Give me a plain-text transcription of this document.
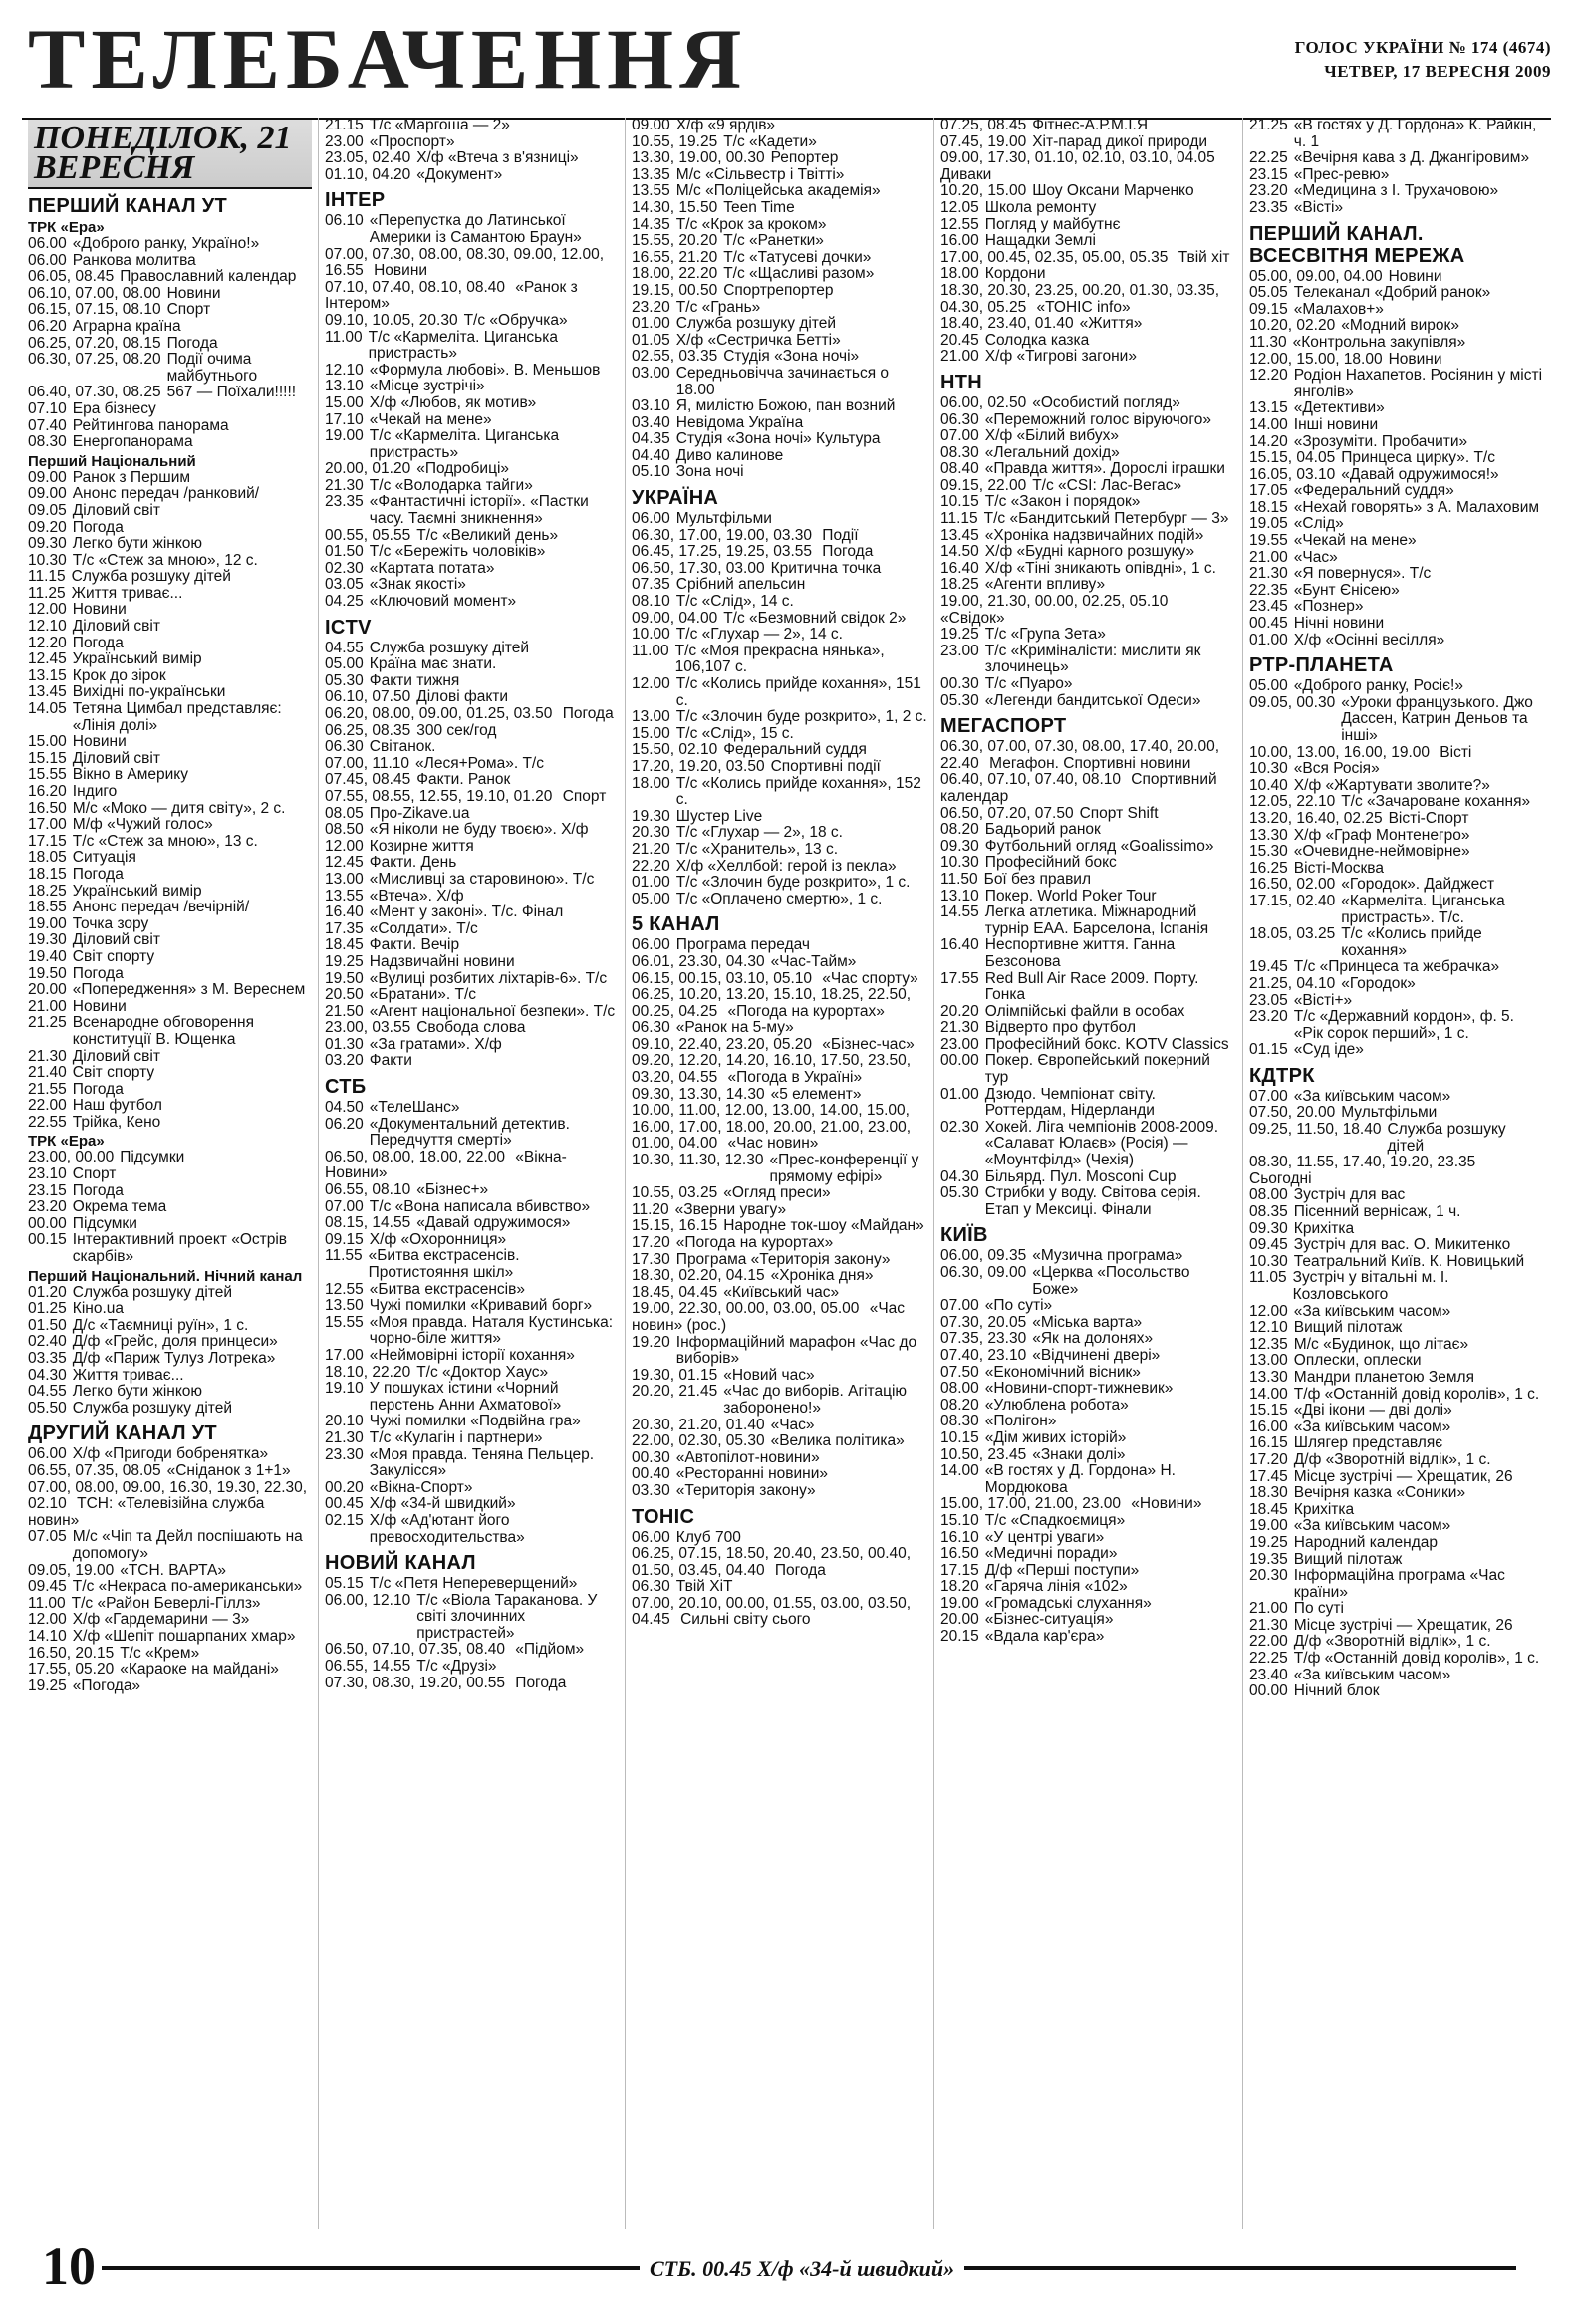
ТЕЛЕБАЧЕННЯ	ГОЛОС УКРАЇНИ № 174 (4674)
ЧЕТВЕР, 17 ВЕРЕСНЯ 2009
ПОНЕДІЛОК, 21 ВЕРЕСНЯ
ПЕРШИЙ КАНАЛ УТ
ТРК «Ера»
06.00 «Доброго ранку, Україно!»
06.00 Ранкова молитва
06.05, 08.45 Православний календар
06.10, 07.00, 08.00 Новини
06.15, 07.15, 08.10 Спорт
06.20 Аграрна країна
06.25, 07.20, 08.15 Погода
06.30, 07.25, 08.20 Події очима майбутнього
06.40, 07.30, 08.25 567 — Поїхали!!!!!
07.10 Ера бізнесу
07.40 Рейтингова панорама
08.30 Енергопанорама
Перший Національний
09.00 Ранок з Першим
09.00 Анонс передач /ранковий/
09.05 Діловий світ
09.20 Погода
09.30 Легко бути жінкою
10.30 Т/с «Стеж за мною», 12 с.
11.15 Служба розшуку дітей
11.25 Життя триває...
12.00 Новини
12.10 Діловий світ
12.20 Погода
12.45 Український вимір
13.15 Крок до зірок
13.45 Вихідні по-українськи
14.05 Тетяна Цимбал представляє: «Лінія долі»
15.00 Новини
15.15 Діловий світ
15.55 Вікно в Америку
16.20 Індиго
16.50 М/с «Моко — дитя світу», 2 с.
17.00 М/ф «Чужий голос»
17.15 Т/с «Стеж за мною», 13 с.
18.05 Ситуація
18.15 Погода
18.25 Український вимір
18.55 Анонс передач /вечірній/
19.00 Точка зору
19.30 Діловий світ
19.40 Світ спорту
19.50 Погода
20.00 «Попередження» з М. Вереснем
21.00 Новини
21.25 Всенародне обговорення конституції В. Ющенка
21.30 Діловий світ
21.40 Світ спорту
21.55 Погода
22.00 Наш футбол
22.55 Трійка, Кено
ТРК «Ера»
23.00, 00.00 Підсумки
23.10 Спорт
23.15 Погода
23.20 Окрема тема
00.00 Підсумки
00.15 Інтерактивний проект «Острів скарбів»
Перший Національний. Нічний канал
01.20 Служба розшуку дітей
01.25 Кіно.ua
01.50 Д/с «Таємниці руїн», 1 с.
02.40 Д/ф «Грейс, доля принцеси»
03.35 Д/ф «Париж Тулуз Лотрека»
04.30 Життя триває...
04.55 Легко бути жінкою
05.50 Служба розшуку дітей
ДРУГИЙ КАНАЛ УТ
06.00 Х/ф «Пригоди бобренятка»
06.55, 07.35, 08.05 «Сніданок з 1+1»
07.00, 08.00, 09.00, 16.30, 19.30, 22.30, 02.10 ТСН: «Телевізійна служба новин»
07.05 М/с «Чіп та Дейл поспішають на допомогу»
09.05, 19.00 «ТСН. ВАРТА»
09.45 Т/с «Некраса по-американськи»
11.00 Т/с «Район Беверлі-Гіллз»
12.00 Х/ф «Гардемарини — 3»
14.10 Х/ф «Шепіт пошарпаних хмар»
16.50, 20.15 Т/с «Крем»
17.55, 05.20 «Караоке на майдані»
19.25 «Погода»
21.15 Т/с «Маргоша — 2»
23.00 «Проспорт»
23.05, 02.40 Х/ф «Втеча з в'язниці»
01.10, 04.20 «Документ»
ІНТЕР
06.10 «Перепустка до Латинської Америки із Самантою Браун»
07.00, 07.30, 08.00, 08.30, 09.00, 12.00, 16.55 Новини
07.10, 07.40, 08.10, 08.40 «Ранок з Інтером»
09.10, 10.05, 20.30 Т/с «Обручка»
11.00 Т/с «Кармеліта. Циганська пристрасть»
12.10 «Формула любові». В. Меньшов
13.10 «Місце зустрічі»
15.00 Х/ф «Любов, як мотив»
17.10 «Чекай на мене»
19.00 Т/с «Кармеліта. Циганська пристрасть»
20.00, 01.20 «Подробиці»
21.30 Т/с «Володарка тайги»
23.35 «Фантастичні історії». «Пастки часу. Таємні зникнення»
00.55, 05.55 Т/с «Великий день»
01.50 Т/с «Бережіть чоловіків»
02.30 «Картата потата»
03.05 «Знак якості»
04.25 «Ключовий момент»
ICTV
04.55 Служба розшуку дітей
05.00 Країна має знати.
05.30 Факти тижня
06.10, 07.50 Ділові факти
06.20, 08.00, 09.00, 01.25, 03.50 Погода
06.25, 08.35 300 сек/год
06.30 Світанок.
07.00, 11.10 «Леся+Рома». Т/с
07.45, 08.45 Факти. Ранок
07.55, 08.55, 12.55, 19.10, 01.20 Спорт
08.05 Про-Zikave.ua
08.50 «Я ніколи не буду твоєю». Х/ф
12.00 Козирне життя
12.45 Факти. День
13.00 «Мисливці за старовиною». Т/с
13.55 «Втеча». Х/ф
16.40 «Мент у законі». Т/с. Фінал
17.35 «Солдати». Т/с
18.45 Факти. Вечір
19.25 Надзвичайні новини
19.50 «Вулиці розбитих ліхтарів-6». Т/с
20.50 «Братани». Т/с
21.50 «Агент національної безпеки». Т/с
23.00, 03.55 Свобода слова
01.30 «За гратами». Х/ф
03.20 Факти
СТБ
04.50 «ТелеШанс»
06.20 «Документальний детектив. Передчуття смерті»
06.50, 08.00, 18.00, 22.00 «Вікна-Новини»
06.55, 08.10 «Бізнес+»
07.00 Т/с «Вона написала вбивство»
08.15, 14.55 «Давай одружимося»
09.15 Х/ф «Охоронниця»
11.55 «Битва екстрасенсів. Протистояння шкіл»
12.55 «Битва екстрасенсів»
13.50 Чужі помилки «Кривавий борг»
15.55 «Моя правда. Наталя Кустинська: чорно-біле життя»
17.00 «Неймовірні історії кохання»
18.10, 22.20 Т/с «Доктор Хаус»
19.10 У пошуках істини «Чорний перстень Анни Ахматової»
20.10 Чужі помилки «Подвійна гра»
21.30 Т/с «Кулагін і партнери»
23.30 «Моя правда. Теняна Пельцер. Закулісся»
00.20 «Вікна-Спорт»
00.45 Х/ф «34-й швидкий»
02.15 Х/ф «Ад'ютант його превосходительства»
НОВИЙ КАНАЛ
05.15 Т/с «Петя Непереверщений»
06.00, 12.10 Т/с «Віола Тараканова. У світі злочинних пристрастей»
06.50, 07.10, 07.35, 08.40 «Підйом»
06.55, 14.55 Т/с «Друзі»
07.30, 08.30, 19.20, 00.55 Погода
09.00 Х/ф «9 ярдів»
10.55, 19.25 Т/с «Кадети»
13.30, 19.00, 00.30 Репортер
13.35 М/с «Сільвестр і Твітті»
13.55 М/с «Поліцейська академія»
14.30, 15.50 Teen Time
14.35 Т/с «Крок за кроком»
15.55, 20.20 Т/с «Ранетки»
16.55, 21.20 Т/с «Татусеві дочки»
18.00, 22.20 Т/с «Щасливі разом»
19.15, 00.50 Спортрепортер
23.20 Т/с «Грань»
01.00 Служба розшуку дітей
01.05 Х/ф «Сестричка Бетті»
02.55, 03.35 Студія «Зона ночі»
03.00 Середньовічча зачинається о 18.00
03.10 Я, милістю Божою, пан возний
03.40 Невідома Україна
04.35 Студія «Зона ночі» Культура
04.40 Диво калинове
05.10 Зона ночі
УКРАЇНА
06.00 Мультфільми
06.30, 17.00, 19.00, 03.30 Події
06.45, 17.25, 19.25, 03.55 Погода
06.50, 17.30, 03.00 Критична точка
07.35 Срібний апельсин
08.10 Т/с «Слід», 14 с.
09.00, 04.00 Т/с «Безмовний свідок 2»
10.00 Т/с «Глухар — 2», 14 с.
11.00 Т/с «Моя прекрасна нянька», 106,107 с.
12.00 Т/с «Колись прийде кохання», 151 с.
13.00 Т/с «Злочин буде розкрито», 1, 2 с.
15.00 Т/с «Слід», 15 с.
15.50, 02.10 Федеральний суддя
17.20, 19.20, 03.50 Спортивні події
18.00 Т/с «Колись прийде кохання», 152 с.
19.30 Шустер Live
20.30 Т/с «Глухар — 2», 18 с.
21.20 Т/с «Хранитель», 13 с.
22.20 Х/ф «Хеллбой: герой із пекла»
01.00 Т/с «Злочин буде розкрито», 1 с.
05.00 Т/с «Оплачено смертю», 1 с.
5 КАНАЛ
06.00 Програма передач
06.01, 23.30, 04.30 «Час-Тайм»
06.15, 00.15, 03.10, 05.10 «Час спорту»
06.25, 10.20, 13.20, 15.10, 18.25, 22.50, 00.25, 04.25 «Погода на курортах»
06.30 «Ранок на 5-му»
09.10, 22.40, 23.20, 05.20 «Бізнес-час»
09.20, 12.20, 14.20, 16.10, 17.50, 23.50, 03.20, 04.55 «Погода в Україні»
09.30, 13.30, 14.30 «5 елемент»
10.00, 11.00, 12.00, 13.00, 14.00, 15.00, 16.00, 17.00, 18.00, 20.00, 21.00, 23.00, 01.00, 04.00 «Час новин»
10.30, 11.30, 12.30 «Прес-конференції у прямому ефірі»
10.55, 03.25 «Огляд преси»
11.20 «Зверни увагу»
15.15, 16.15 Народне ток-шоу «Майдан»
17.20 «Погода на курортах»
17.30 Програма «Територія закону»
18.30, 02.20, 04.15 «Хроніка дня»
18.45, 04.45 «Київський час»
19.00, 22.30, 00.00, 03.00, 05.00 «Час новин» (рос.)
19.20 Інформаційний марафон «Час до виборів»
19.30, 01.15 «Новий час»
20.20, 21.45 «Час до виборів. Агітацію заборонено!»
20.30, 21.20, 01.40 «Час»
22.00, 02.30, 05.30 «Велика політика»
00.30 «Автопілот-новини»
00.40 «Ресторанні новини»
03.30 «Територія закону»
ТОНІС
06.00 Клуб 700
06.25, 07.15, 18.50, 20.40, 23.50, 00.40, 01.50, 03.45, 04.40 Погода
06.30 Твій ХіТ
07.00, 20.10, 00.00, 01.55, 03.00, 03.50, 04.45 Сильні світу сього
07.25, 08.45 Фітнес-А.Р.М.І.Я
07.45, 19.00 Хіт-парад дикої природи
09.00, 17.30, 01.10, 02.10, 03.10, 04.05 Диваки
10.20, 15.00 Шоу Оксани Марченко
12.05 Школа ремонту
12.55 Погляд у майбутнє
16.00 Нащадки Землі
17.00, 00.45, 02.35, 05.00, 05.35 Твій хіт
18.00 Кордони
18.30, 20.30, 23.25, 00.20, 01.30, 03.35, 04.30, 05.25 «ТОНІС info»
18.40, 23.40, 01.40 «Життя»
20.45 Солодка казка
21.00 Х/ф «Тигрові загони»
НТН
06.00, 02.50 «Особистий погляд»
06.30 «Переможний голос віруючого»
07.00 Х/ф «Білий вибух»
08.30 «Легальний дохід»
08.40 «Правда життя». Дорослі іграшки
09.15, 22.00 Т/с «CSI: Лас-Вегас»
10.15 Т/с «Закон і порядок»
11.15 Т/с «Бандитський Петербург — 3»
13.45 «Хроніка надзвичайних подій»
14.50 Х/ф «Будні карного розшуку»
16.40 Х/ф «Тіні зникають опівдні», 1 с.
18.25 «Агенти впливу»
19.00, 21.30, 00.00, 02.25, 05.10 «Свідок»
19.25 Т/с «Група Зета»
23.00 Т/с «Криміналісти: мислити як злочинець»
00.30 Т/с «Пуаро»
05.30 «Легенди бандитської Одеси»
МЕГАСПОРТ
06.30, 07.00, 07.30, 08.00, 17.40, 20.00, 22.40 Мегафон. Спортивні новини
06.40, 07.10, 07.40, 08.10 Спортивний календар
06.50, 07.20, 07.50 Спорт Shift
08.20 Бадьорий ранок
09.30 Футбольний огляд «Goalissimo»
10.30 Професійний бокс
11.50 Бої без правил
13.10 Покер. World Poker Tour
14.55 Легка атлетика. Міжнародний турнір ЕАА. Барселона, Іспанія
16.40 Неспортивне життя. Ганна Безсонова
17.55 Red Bull Air Race 2009. Порту. Гонка
20.20 Олімпійські файли в особах
21.30 Відверто про футбол
23.00 Професійний бокс. KOTV Classics
00.00 Покер. Європейський покерний тур
01.00 Дзюдо. Чемпіонат світу. Роттердам, Нідерланди
02.30 Хокей. Ліга чемпіонів 2008-2009. «Салават Юлаєв» (Росія) — «Моунтфілд» (Чехія)
04.30 Більярд. Пул. Mosconi Cup
05.30 Стрибки у воду. Світова серія. Етап у Мексиці. Фінали
КИЇВ
06.00, 09.35 «Музична програма»
06.30, 09.00 «Церква «Посольство Боже»
07.00 «По суті»
07.30, 20.05 «Міська варта»
07.35, 23.30 «Як на долонях»
07.40, 23.10 «Відчинені двері»
07.50 «Економічний вісник»
08.00 «Новини-спорт-тижневик»
08.20 «Улюблена робота»
08.30 «Полігон»
10.15 «Дім живих історій»
10.50, 23.45 «Знаки долі»
14.00 «В гостях у Д. Гордона» Н. Мордюкова
15.00, 17.00, 21.00, 23.00 «Новини»
15.10 Т/с «Спадкоємиця»
16.10 «У центрі уваги»
16.50 «Медичні поради»
17.15 Д/ф «Перші поступи»
18.20 «Гаряча лінія «102»
19.00 «Громадські слухання»
20.00 «Бізнес-ситуація»
20.15 «Вдала кар'єра»
21.25 «В гостях у Д. Гордона» К. Райкін, ч. 1
22.25 «Вечірня кава з Д. Джангіровим»
23.15 «Прес-ревю»
23.20 «Медицина з І. Трухачовою»
23.35 «Вісті»
ПЕРШИЙ КАНАЛ. ВСЕСВІТНЯ МЕРЕЖА
05.00, 09.00, 04.00 Новини
05.05 Телеканал «Добрий ранок»
09.15 «Малахов+»
10.20, 02.20 «Модний вирок»
11.30 «Контрольна закупівля»
12.00, 15.00, 18.00 Новини
12.20 Родіон Нахапетов. Росіянин у місті янголів»
13.15 «Детективи»
14.00 Інші новини
14.20 «Зрозуміти. Пробачити»
15.15, 04.05 Принцеса цирку». Т/с
16.05, 03.10 «Давай одружимося!»
17.05 «Федеральний суддя»
18.15 «Нехай говорять» з А. Малаховим
19.05 «Слід»
19.55 «Чекай на мене»
21.00 «Час»
21.30 «Я повернуся». Т/с
22.35 «Бунт Єнісею»
23.45 «Познер»
00.45 Нічні новини
01.00 Х/ф «Осінні весілля»
РТР-ПЛАНЕТА
05.00 «Доброго ранку, Росіє!»
09.05, 00.30 «Уроки французького. Джо Дассен, Катрин Деньов та інші»
10.00, 13.00, 16.00, 19.00 Вісті
10.30 «Вся Росія»
10.40 Х/ф «Жартувати зволите?»
12.05, 22.10 Т/с «Зачароване кохання»
13.20, 16.40, 02.25 Вісті-Спорт
13.30 Х/ф «Граф Монтенегро»
15.30 «Очевидне-неймовірне»
16.25 Вісті-Москва
16.50, 02.00 «Городок». Дайджест
17.15, 02.40 «Кармеліта. Циганська пристрасть». Т/с.
18.05, 03.25 Т/с «Колись прийде кохання»
19.45 Т/с «Принцеса та жебрачка»
21.25, 04.10 «Городок»
23.05 «Вісті+»
23.20 Т/с «Державний кордон», ф. 5. «Рік сорок перший», 1 с.
01.15 «Суд іде»
КДТРК
07.00 «За київським часом»
07.50, 20.00 Мультфільми
09.25, 11.50, 18.40 Служба розшуку дітей
08.30, 11.55, 17.40, 19.20, 23.35 Сьогодні
08.00 Зустріч для вас
08.35 Пісенний вернісаж, 1 ч.
09.30 Крихітка
09.45 Зустріч для вас. О. Микитенко
10.30 Театральний Київ. К. Новицький
11.05 Зустріч у вітальні м. І. Козловського
12.00 «За київським часом»
12.10 Вищий пілотаж
12.35 М/с «Будинок, що літає»
13.00 Оплески, оплески
13.30 Мандри планетою Земля
14.00 Т/ф «Останній довід королів», 1 с.
15.15 «Дві ікони — дві долі»
16.00 «За київським часом»
16.15 Шлягер представляє
17.20 Д/ф «Зворотній відлік», 1 с.
17.45 Місце зустрічі — Хрещатик, 26
18.30 Вечірня казка «Соники»
18.45 Крихітка
19.00 «За київським часом»
19.25 Народний календар
19.35 Вищий пілотаж
20.30 Інформаційна програма «Час країни»
21.00 По суті
21.30 Місце зустрічі — Хрещатик, 26
22.00 Д/ф «Зворотній відлік», 1 с.
22.25 Т/ф «Останній довід королів», 1 с.
23.40 «За київським часом»
00.00 Нічний блок
10	СТБ. 00.45 Х/ф «34-й швидкий»
